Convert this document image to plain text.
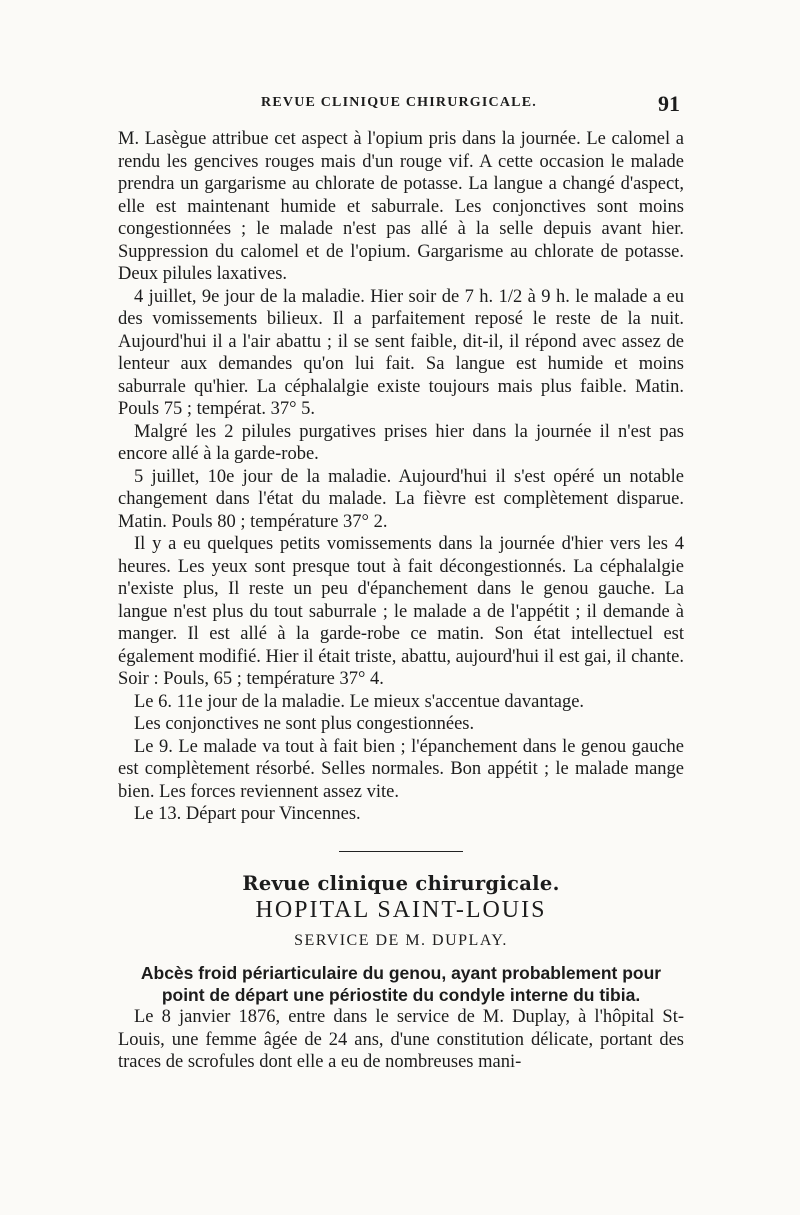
REVUE CLINIQUE CHIRURGICALE.	91

M. Lasègue attribue cet aspect à l'opium pris dans la journée. Le calomel a rendu les gencives rouges mais d'un rouge vif. A cette occasion le malade prendra un gargarisme au chlorate de potasse. La langue a changé d'aspect, elle est maintenant humide et saburrale. Les conjonctives sont moins congestionnées ; le malade n'est pas allé à la selle depuis avant hier. Suppression du calomel et de l'opium. Gargarisme au chlorate de potasse. Deux pilules laxatives.

4 juillet, 9e jour de la maladie. Hier soir de 7 h. 1/2 à 9 h. le malade a eu des vomissements bilieux. Il a parfaitement reposé le reste de la nuit. Aujourd'hui il a l'air abattu ; il se sent faible, dit-il, il répond avec assez de lenteur aux demandes qu'on lui fait. Sa langue est humide et moins saburrale qu'hier. La céphalalgie existe toujours mais plus faible. Matin. Pouls 75 ; températ. 37° 5.

Malgré les 2 pilules purgatives prises hier dans la journée il n'est pas encore allé à la garde-robe.

5 juillet, 10e jour de la maladie. Aujourd'hui il s'est opéré un notable changement dans l'état du malade. La fièvre est complètement disparue. Matin. Pouls 80 ; température 37° 2.

Il y a eu quelques petits vomissements dans la journée d'hier vers les 4 heures. Les yeux sont presque tout à fait décongestionnés. La céphalalgie n'existe plus, Il reste un peu d'épanchement dans le genou gauche. La langue n'est plus du tout saburrale ; le malade a de l'appétit ; il demande à manger. Il est allé à la garde-robe ce matin. Son état intellectuel est également modifié. Hier il était triste, abattu, aujourd'hui il est gai, il chante. Soir : Pouls, 65 ; température 37° 4.

Le 6. 11e jour de la maladie. Le mieux s'accentue davantage.

Les conjonctives ne sont plus congestionnées.

Le 9. Le malade va tout à fait bien ; l'épanchement dans le genou gauche est complètement résorbé. Selles normales. Bon appétit ; le malade mange bien. Les forces reviennent assez vite.

Le 13. Départ pour Vincennes.

Revue clinique chirurgicale.
HOPITAL SAINT-LOUIS
SERVICE DE M. DUPLAY.
Abcès froid périarticulaire du genou, ayant probablement pour point de départ une périostite du condyle interne du tibia.

Le 8 janvier 1876, entre dans le service de M. Duplay, à l'hôpital St-Louis, une femme âgée de 24 ans, d'une constitution délicate, portant des traces de scrofules dont elle a eu de nombreuses mani-
